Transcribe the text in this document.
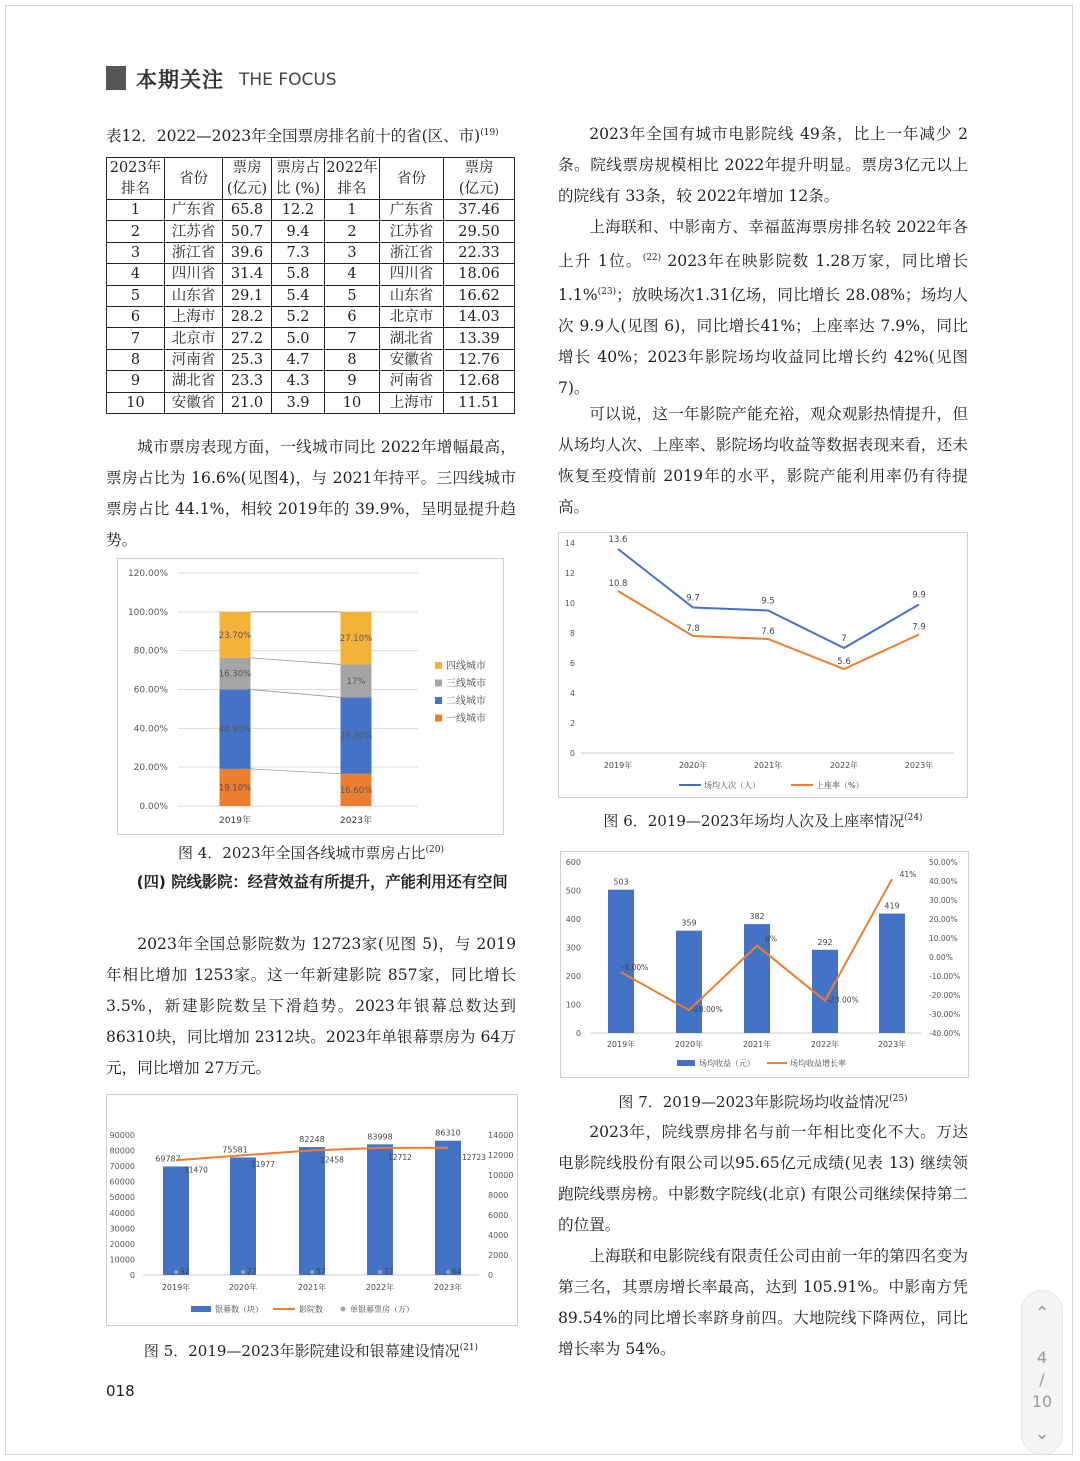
本期关注 THE FOCUS
表12．2022—2023年全国票房排名前十的省(区、市)$^{(19)}$
2023年	省份	票房	票房占	2022年	省份	票房
排名		(亿元)	比 (%)	排名		(亿元)
1	广东省	65.8	12.2	1	广东省	37.46
2	江苏省	50.7	9.4	2	江苏省	29.50
3	浙江省	39.6	7.3	3	浙江省	22.33
4	四川省	31.4	5.8	4	四川省	18.06
5	山东省	29.1	5.4	5	山东省	16.62
6	上海市	28.2	5.2	6	北京市	14.03
7	北京市	27.2	5.0	7	湖北省	13.39
8	河南省	25.3	4.7	8	安徽省	12.76
9	湖北省	23.3	4.3	9	河南省	12.68
10	安徽省	21.0	3.9	10	上海市	11.51
城市票房表现方面，一线城市同比 2022年增幅最高，票房占比为 16.6%(见图4)，与 2021年持平。三四线城市票房占比 44.1%，相较 2019年的 39.9%，呈明显提升趋势。
0.00%
20.00%
40.00%
60.00%
80.00%
100.00%
120.00%
19.10%
40.90%
16.30%
23.70%
2019年
16.60%
39.30%
17%
27.10%
2023年
四线城市
三线城市
二线城市
一线城市
图 4．2023年全国各线城市票房占比$^{(20)}$
(四) 院线影院：经营效益有所提升，产能利用还有空间
2023年全国总影院数为 12723家(见图 5)，与 2019年相比增加 1253家。这一年新建影院 857家，同比增长 3.5%，新建影院数呈下滑趋势。2023年银幕总数达到 86310块，同比增加 2312块。2023年单银幕票房为 64万元，同比增加 27万元。
0
10000
20000
30000
40000
50000
60000
70000
80000
90000
0
2000
4000
6000
8000
10000
12000
14000
69787
2019年
75581
2020年
82248
2021年
83998
2022年
86310
2023年
11470
11977
12458	12712	12723
92	27	57	37	64
银幕数（块）	影院数	单银幕票房（万）
图 5．2019—2023年影院建设和银幕建设情况$^{(21)}$
018
2023年全国有城市电影院线 49条，比上一年减少 2条。院线票房规模相比 2022年提升明显。票房3亿元以上的院线有 33条，较 2022年增加 12条。
上海联和、中影南方、幸福蓝海票房排名较 2022年各上升 1位。$^{(22)}$ 2023年在映影院数 1.28万家，同比增长1.1%$^{(23)}$；放映场次1.31亿场，同比增长 28.08%；场均人次 9.9人(见图 6)，同比增长41%；上座率达 7.9%，同比增长 40%；2023年影院场均收益同比增长约 42%(见图 7)。
可以说，这一年影院产能充裕，观众观影热情提升，但从场均人次、上座率、影院场均收益等数据表现来看，还未恢复至疫情前 2019年的水平，影院产能利用率仍有待提高。
0
2
4
6
8
10
12
14	13.6
9.7	9.5
7
9.9
10.8
7.8	7.6
5.6
7.9
2019年	2020年	2021年	2022年	2023年
场均人次（人）	上座率（%）
图 6．2019—2023年场均人次及上座率情况$^{(24)}$
0
100
200
300
400
500
600
-40.00%
-30.00%
-20.00%
-10.00%
0.00%
10.00%
20.00%
30.00%
40.00%
50.00%
503
2019年
359
2020年
382
2021年
292
2022年
419
2023年
-8.00%
-28.00%
6%
-23.00%
41%
场均收益（元）	场均收益增长率
图 7．2019—2023年影院场均收益情况$^{(25)}$
2023年，院线票房排名与前一年相比变化不大。万达电影院线股份有限公司以95.65亿元成绩(见表 13) 继续领跑院线票房榜。中影数字院线(北京) 有限公司继续保持第二的位置。
上海联和电影院线有限责任公司由前一年的第四名变为第三名，其票房增长率最高，达到 105.91%。中影南方凭 89.54%的同比增长率跻身前四。大地院线下降两位，同比增长率为 54%。
⌃
4
/
10
⌄
